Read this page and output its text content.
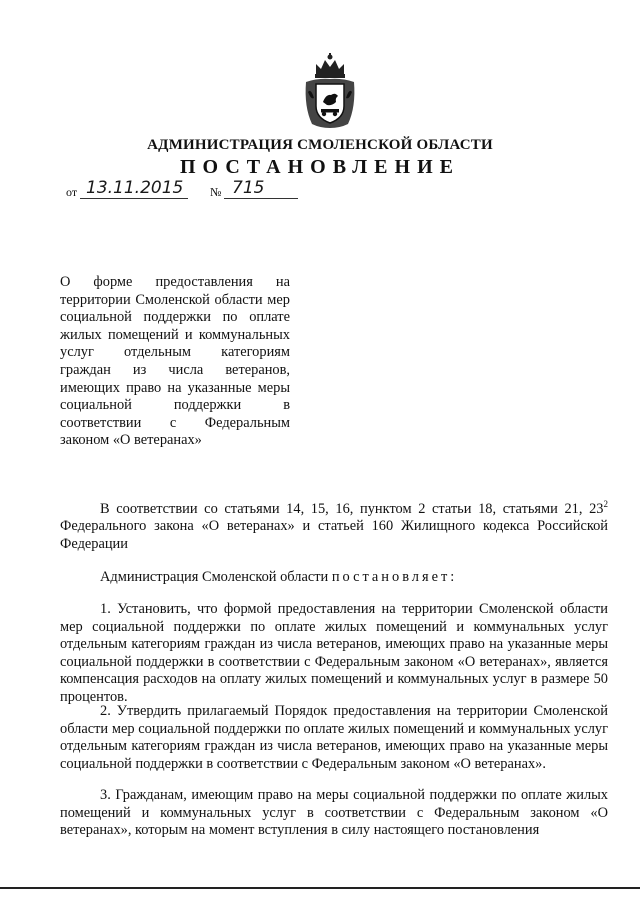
АДМИНИСТРАЦИЯ СМОЛЕНСКОЙ ОБЛАСТИ
ПОСТАНОВЛЕНИЕ
от 13.11.2015 № 715
О форме предоставления на территории Смоленской области мер социальной поддержки по оплате жилых помещений и коммунальных услуг отдельным категориям граждан из числа ветеранов, имеющих право на указанные меры социальной поддержки в соответствии с Федеральным законом «О ветеранах»
В соответствии со статьями 14, 15, 16, пунктом 2 статьи 18, статьями 21, $23^2$ Федерального закона «О ветеранах» и статьей 160 Жилищного кодекса Российской Федерации
Администрация Смоленской области постановляет:
1. Установить, что формой предоставления на территории Смоленской области мер социальной поддержки по оплате жилых помещений и коммунальных услуг отдельным категориям граждан из числа ветеранов, имеющих право на указанные меры социальной поддержки в соответствии с Федеральным законом «О ветеранах», является компенсация расходов на оплату жилых помещений и коммунальных услуг в размере 50 процентов.
2. Утвердить прилагаемый Порядок предоставления на территории Смоленской области мер социальной поддержки по оплате жилых помещений и коммунальных услуг отдельным категориям граждан из числа ветеранов, имеющих право на указанные меры социальной поддержки в соответствии с Федеральным законом «О ветеранах».
3. Гражданам, имеющим право на меры социальной поддержки по оплате жилых помещений и коммунальных услуг в соответствии с Федеральным законом «О ветеранах», которым на момент вступления в силу настоящего постановления
